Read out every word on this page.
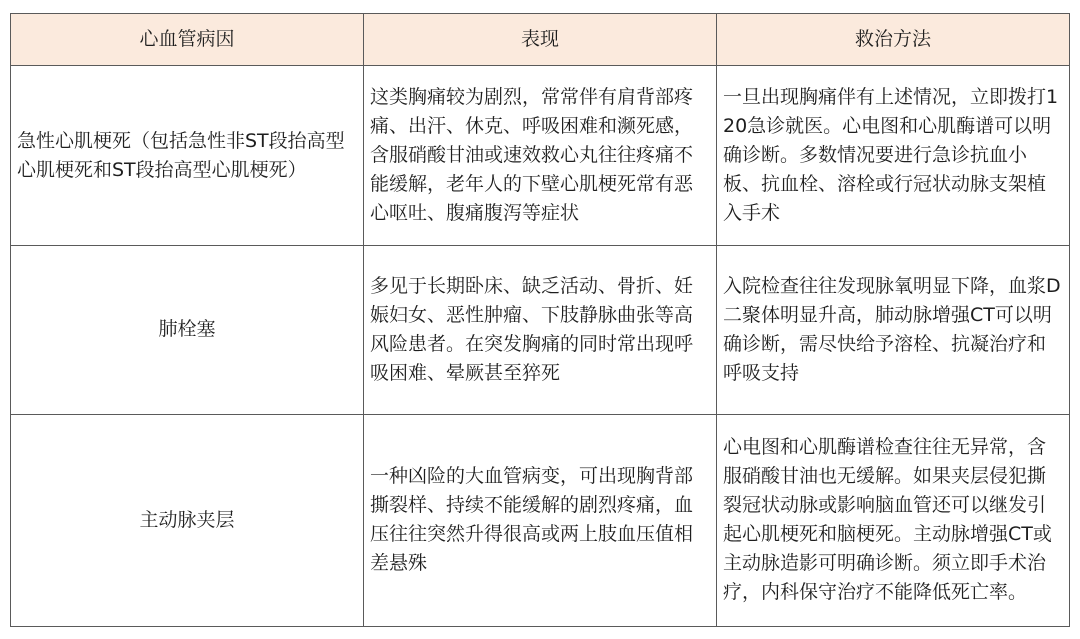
心血管病因	表现	救治方法
急性心肌梗死（包括急性非ST段抬高型心肌梗死和ST段抬高型心肌梗死）	这类胸痛较为剧烈，常常伴有肩背部疼痛、出汗、休克、呼吸困难和濒死感，含服硝酸甘油或速效救心丸往往疼痛不能缓解，老年人的下壁心肌梗死常有恶心呕吐、腹痛腹泻等症状	一旦出现胸痛伴有上述情况，立即拨打120急诊就医。心电图和心肌酶谱可以明确诊断。多数情况要进行急诊抗血小板、抗血栓、溶栓或行冠状动脉支架植入手术
肺栓塞	多见于长期卧床、缺乏活动、骨折、妊娠妇女、恶性肿瘤、下肢静脉曲张等高风险患者。在突发胸痛的同时常出现呼吸困难、晕厥甚至猝死	入院检查往往发现脉氧明显下降，血浆D二聚体明显升高，肺动脉增强CT可以明确诊断，需尽快给予溶栓、抗凝治疗和呼吸支持
主动脉夹层	一种凶险的大血管病变，可出现胸背部撕裂样、持续不能缓解的剧烈疼痛，血压往往突然升得很高或两上肢血压值相差悬殊	心电图和心肌酶谱检查往往无异常，含服硝酸甘油也无缓解。如果夹层侵犯撕裂冠状动脉或影响脑血管还可以继发引起心肌梗死和脑梗死。主动脉增强CT或主动脉造影可明确诊断。须立即手术治疗，内科保守治疗不能降低死亡率。
